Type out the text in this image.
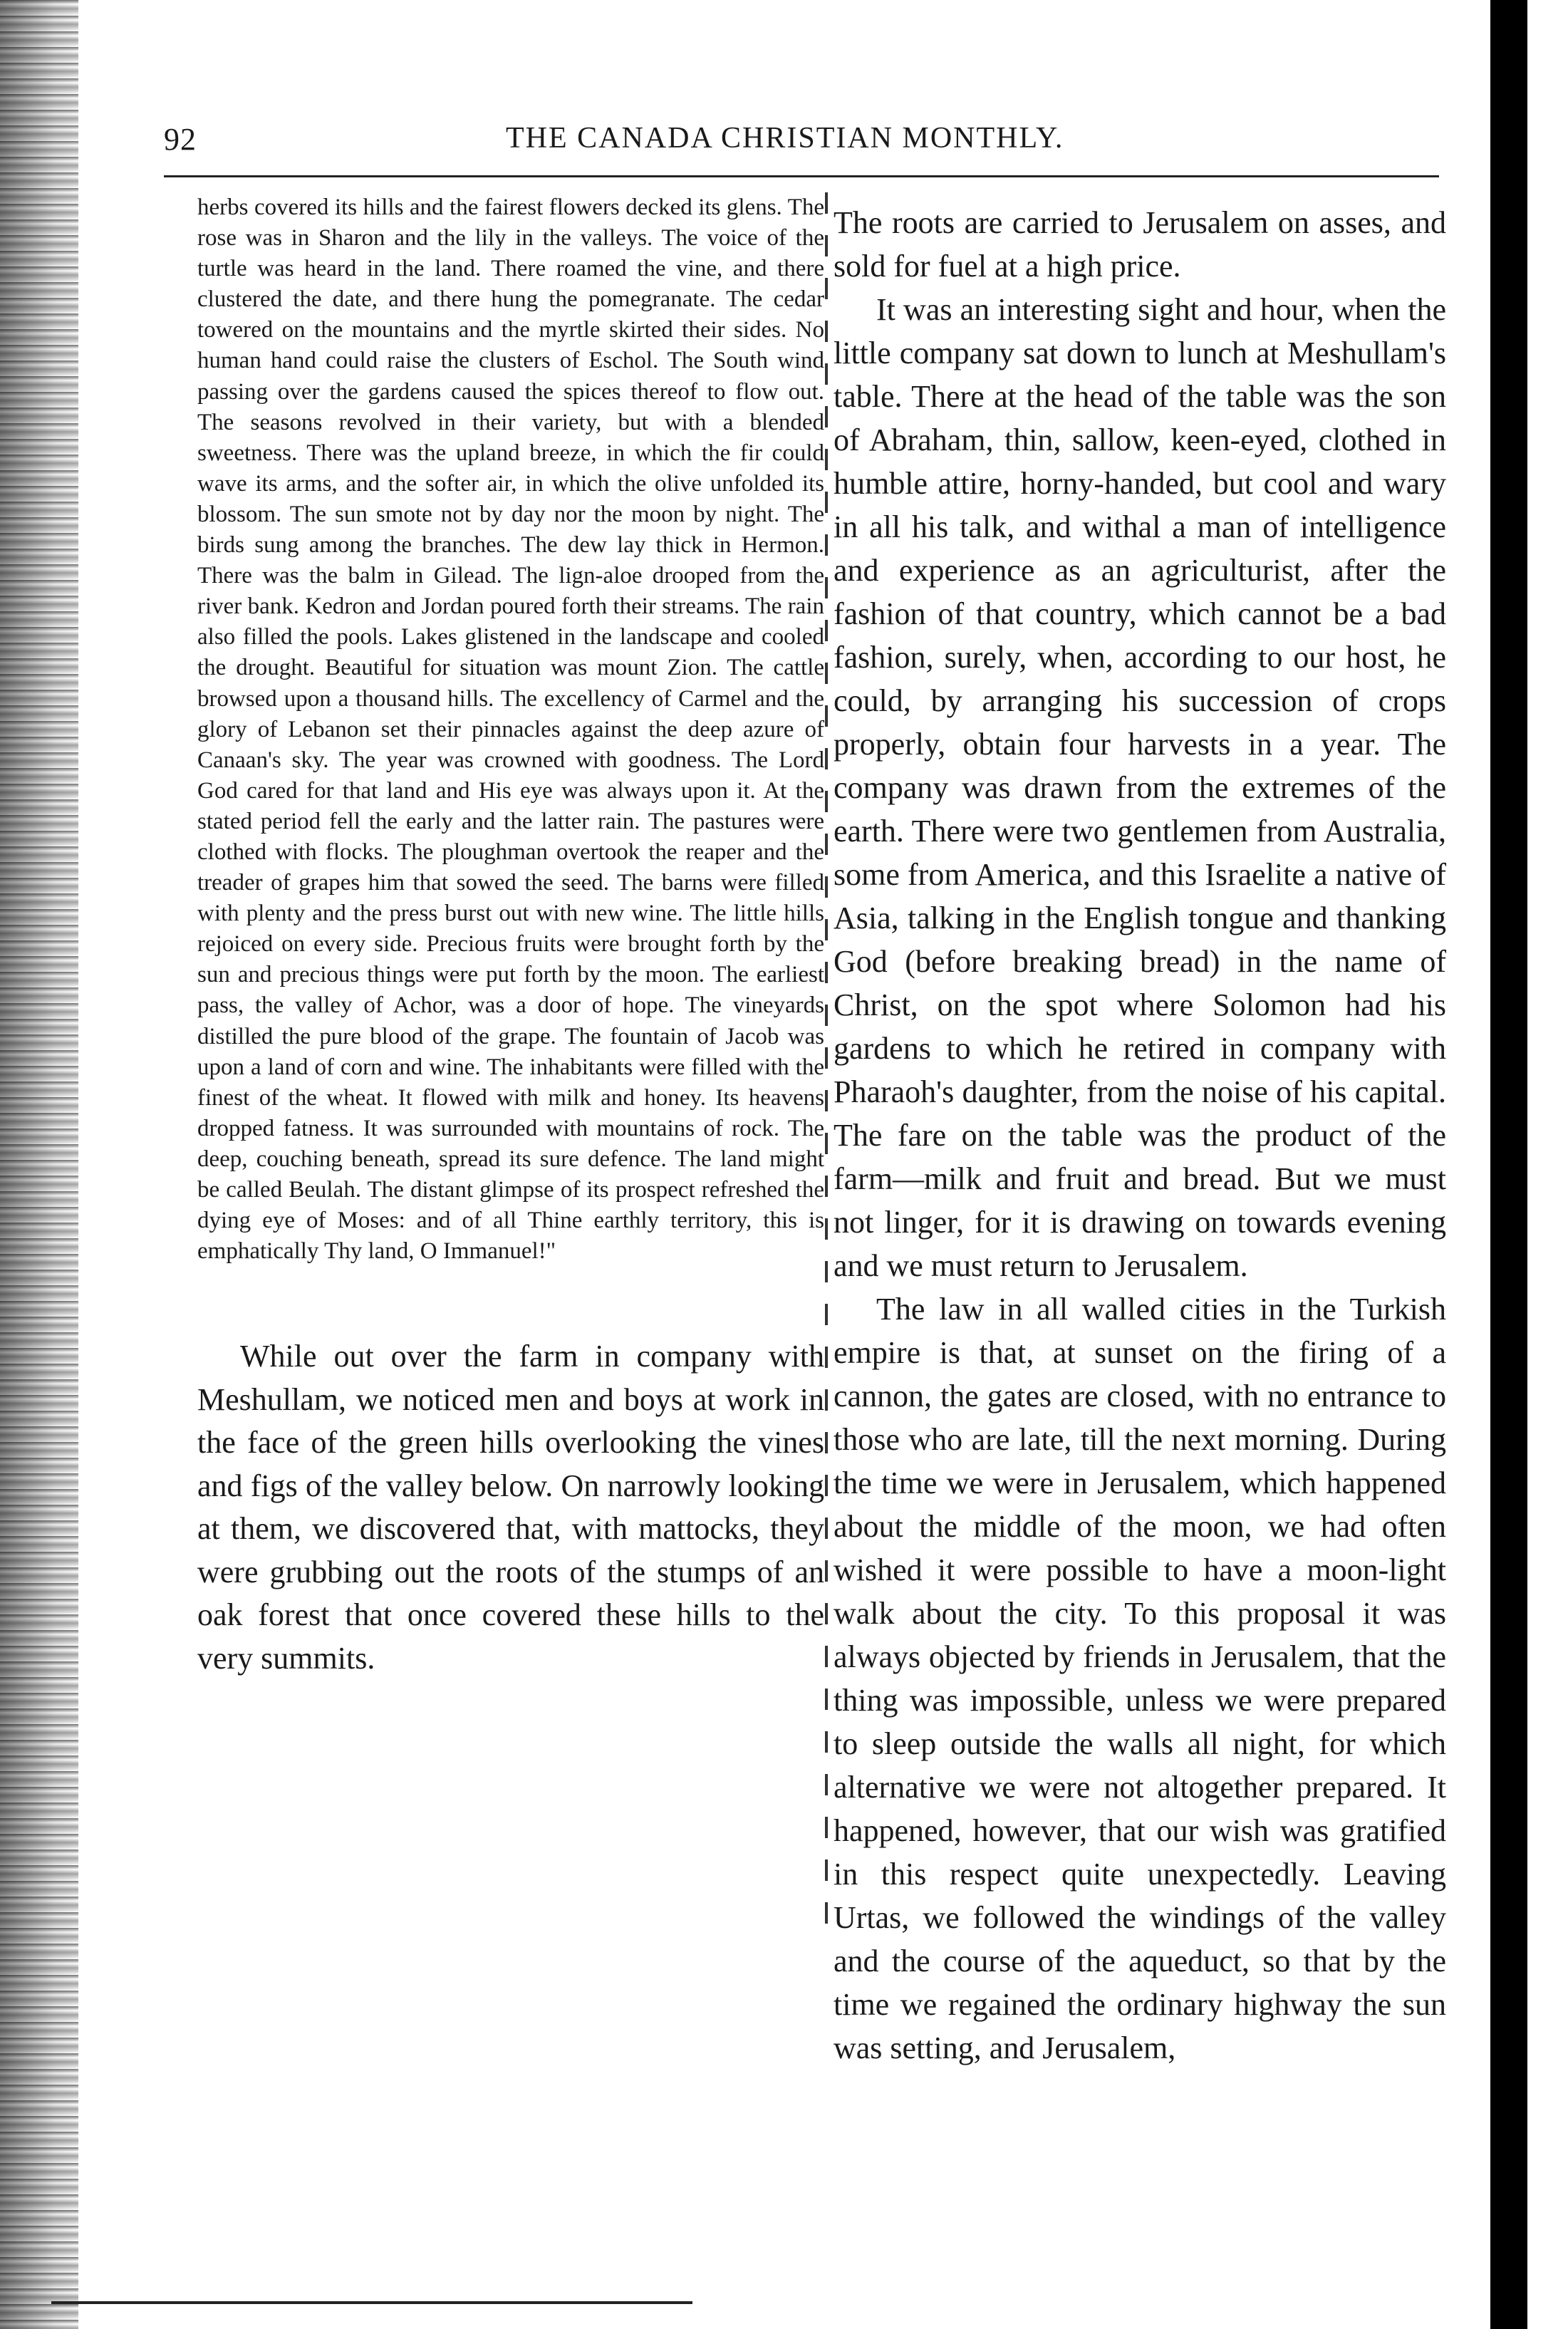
92	THE CANADA CHRISTIAN MONTHLY.

herbs covered its hills and the fairest flowers decked its glens. The rose was in Sharon and the lily in the valleys. The voice of the turtle was heard in the land. There roamed the vine, and there clustered the date, and there hung the pomegranate. The cedar towered on the mountains and the myrtle skirted their sides. No human hand could raise the clusters of Eschol. The South wind passing over the gardens caused the spices thereof to flow out. The seasons revolved in their variety, but with a blended sweetness. There was the upland breeze, in which the fir could wave its arms, and the softer air, in which the olive unfolded its blossom. The sun smote not by day nor the moon by night. The birds sung among the branches. The dew lay thick in Hermon. There was the balm in Gilead. The lign-aloe drooped from the river bank. Kedron and Jordan poured forth their streams. The rain also filled the pools. Lakes glistened in the landscape and cooled the drought. Beautiful for situation was mount Zion. The cattle browsed upon a thousand hills. The excellency of Carmel and the glory of Lebanon set their pinnacles against the deep azure of Canaan's sky. The year was crowned with goodness. The Lord God cared for that land and His eye was always upon it. At the stated period fell the early and the latter rain. The pastures were clothed with flocks. The ploughman overtook the reaper and the treader of grapes him that sowed the seed. The barns were filled with plenty and the press burst out with new wine. The little hills rejoiced on every side. Precious fruits were brought forth by the sun and precious things were put forth by the moon. The earliest pass, the valley of Achor, was a door of hope. The vineyards distilled the pure blood of the grape. The fountain of Jacob was upon a land of corn and wine. The inhabitants were filled with the finest of the wheat. It flowed with milk and honey. Its heavens dropped fatness. It was surrounded with mountains of rock. The deep, couching beneath, spread its sure defence. The land might be called Beulah. The distant glimpse of its prospect refreshed the dying eye of Moses: and of all Thine earthly territory, this is emphatically Thy land, O Immanuel!"

While out over the farm in company with Meshullam, we noticed men and boys at work in the face of the green hills overlooking the vines and figs of the valley below. On narrowly looking at them, we discovered that, with mattocks, they were grubbing out the roots of the stumps of an oak forest that once covered these hills to the very summits.

The roots are carried to Jerusalem on asses, and sold for fuel at a high price.

It was an interesting sight and hour, when the little company sat down to lunch at Meshullam's table. There at the head of the table was the son of Abraham, thin, sallow, keen-eyed, clothed in humble attire, horny-handed, but cool and wary in all his talk, and withal a man of intelligence and experience as an agriculturist, after the fashion of that country, which cannot be a bad fashion, surely, when, according to our host, he could, by arranging his succession of crops properly, obtain four harvests in a year. The company was drawn from the extremes of the earth. There were two gentlemen from Australia, some from America, and this Israelite a native of Asia, talking in the English tongue and thanking God (before breaking bread) in the name of Christ, on the spot where Solomon had his gardens to which he retired in company with Pharaoh's daughter, from the noise of his capital. The fare on the table was the product of the farm—milk and fruit and bread. But we must not linger, for it is drawing on towards evening and we must return to Jerusalem.

The law in all walled cities in the Turkish empire is that, at sunset on the firing of a cannon, the gates are closed, with no entrance to those who are late, till the next morning. During the time we were in Jerusalem, which happened about the middle of the moon, we had often wished it were possible to have a moon-light walk about the city. To this proposal it was always objected by friends in Jerusalem, that the thing was impossible, unless we were prepared to sleep outside the walls all night, for which alternative we were not altogether prepared. It happened, however, that our wish was gratified in this respect quite unexpectedly. Leaving Urtas, we followed the windings of the valley and the course of the aqueduct, so that by the time we regained the ordinary highway the sun was setting, and Jerusalem,
